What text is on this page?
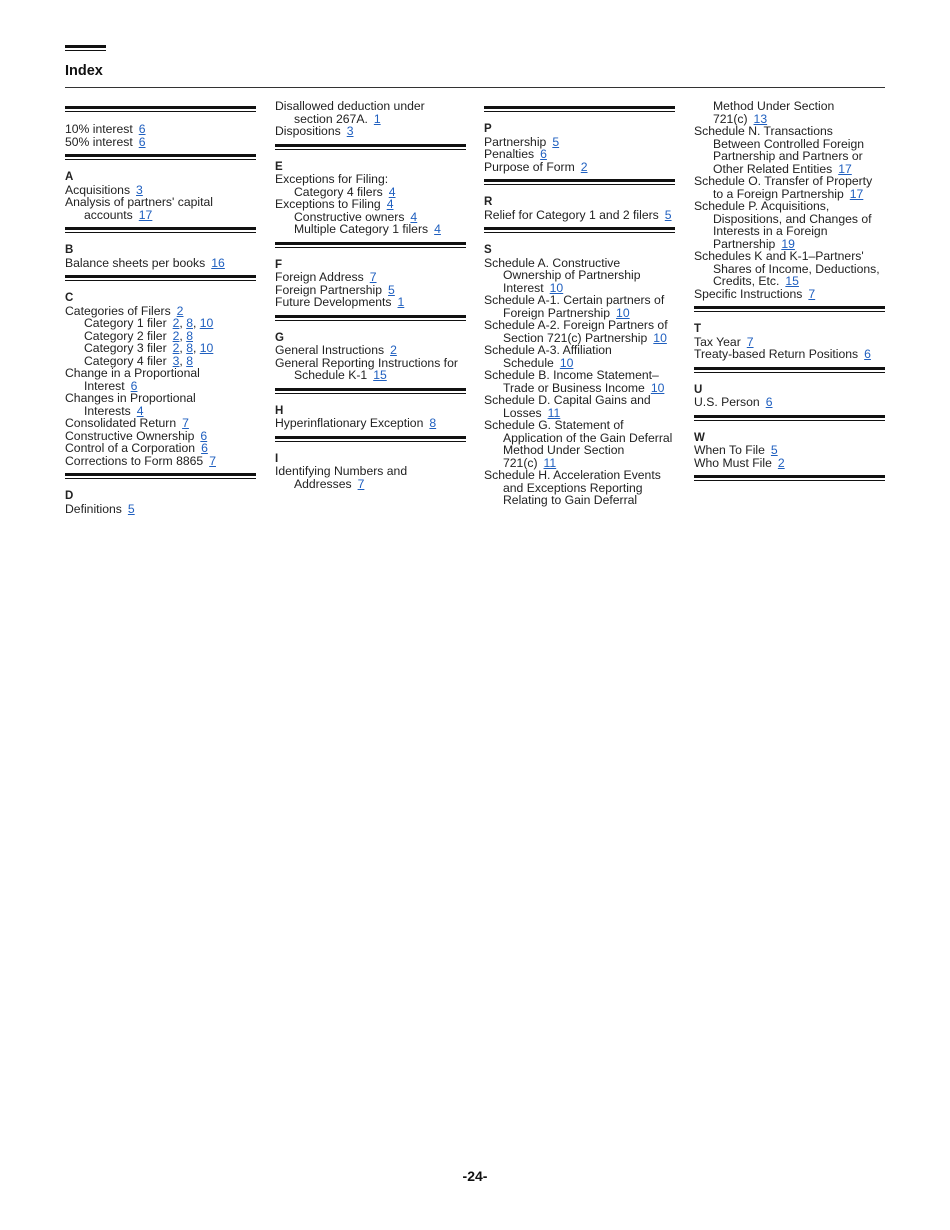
Index
10% interest 6
50% interest 6
A
Acquisitions 3
Analysis of partners' capital
accounts 17
B
Balance sheets per books 16
C
Categories of Filers 2
Category 1 filer 2, 8, 10
Category 2 filer 2, 8
Category 3 filer 2, 8, 10
Category 4 filer 3, 8
Change in a Proportional
Interest 6
Changes in Proportional
Interests 4
Consolidated Return 7
Constructive Ownership 6
Control of a Corporation 6
Corrections to Form 8865 7
D
Definitions 5
Disallowed deduction under
section 267A. 1
Dispositions 3
E
Exceptions for Filing:
Category 4 filers 4
Exceptions to Filing 4
Constructive owners 4
Multiple Category 1 filers 4
F
Foreign Address 7
Foreign Partnership 5
Future Developments 1
G
General Instructions 2
General Reporting Instructions for
Schedule K-1 15
H
Hyperinflationary Exception 8
I
Identifying Numbers and
Addresses 7
P
Partnership 5
Penalties 6
Purpose of Form 2
R
Relief for Category 1 and 2 filers 5
S
Schedule A. Constructive
Ownership of Partnership
Interest 10
Schedule A-1. Certain partners of
Foreign Partnership 10
Schedule A-2. Foreign Partners of
Section 721(c) Partnership 10
Schedule A-3. Affiliation
Schedule 10
Schedule B. Income Statement–
Trade or Business Income 10
Schedule D. Capital Gains and
Losses 11
Schedule G. Statement of
Application of the Gain Deferral
Method Under Section
721(c) 11
Schedule H. Acceleration Events
and Exceptions Reporting
Relating to Gain Deferral
Method Under Section
721(c) 13
Schedule N. Transactions
Between Controlled Foreign
Partnership and Partners or
Other Related Entities 17
Schedule O. Transfer of Property
to a Foreign Partnership 17
Schedule P. Acquisitions,
Dispositions, and Changes of
Interests in a Foreign
Partnership 19
Schedules K and K-1–Partners'
Shares of Income, Deductions,
Credits, Etc. 15
Specific Instructions 7
T
Tax Year 7
Treaty-based Return Positions 6
U
U.S. Person 6
W
When To File 5
Who Must File 2
-24-
